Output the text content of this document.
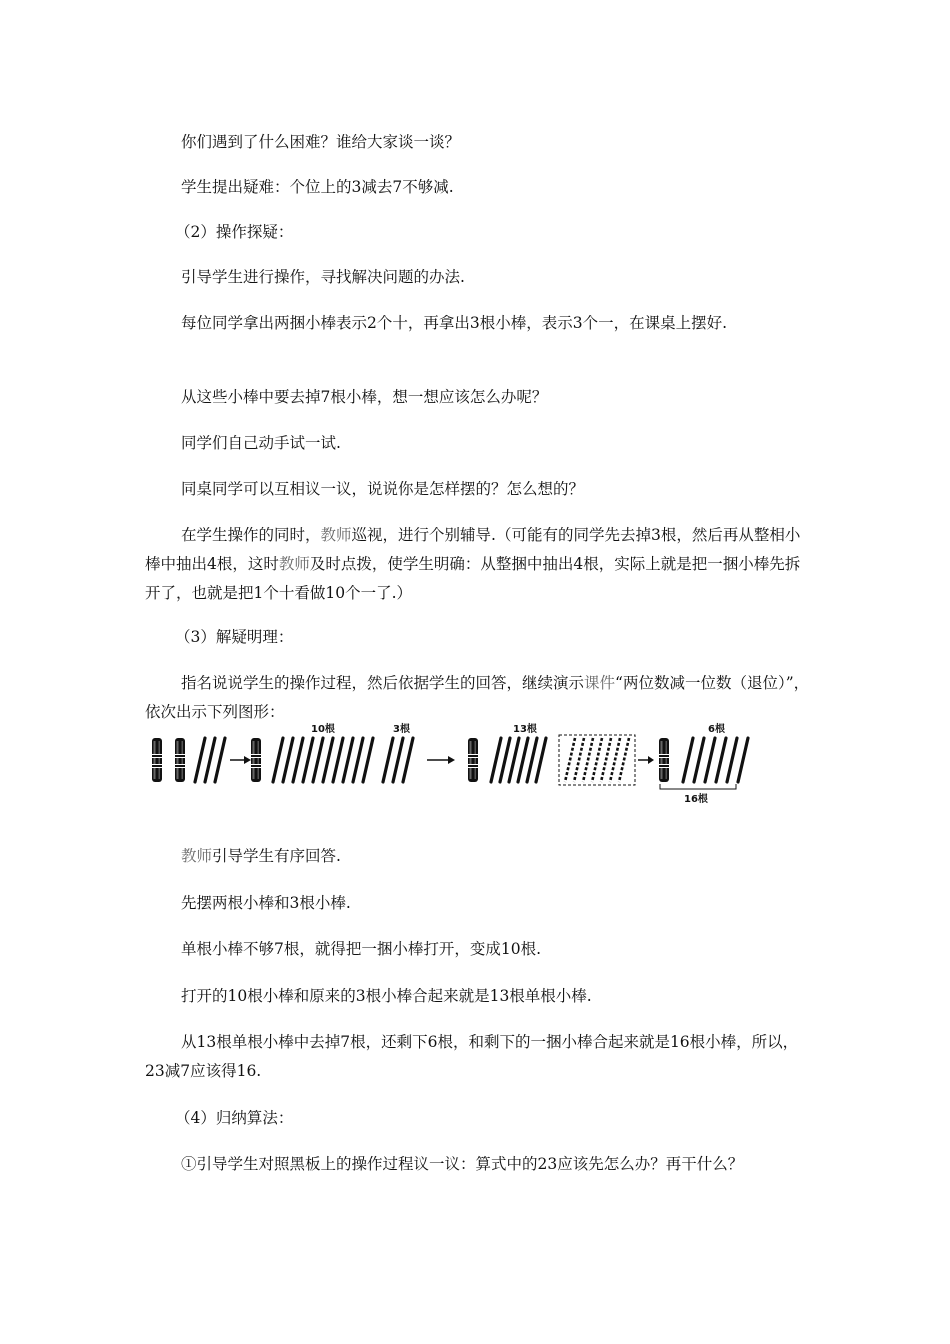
你们遇到了什么困难？谁给大家谈一谈？

学生提出疑难：个位上的3减去7不够减.

（2）操作探疑：

引导学生进行操作，寻找解决问题的办法.

每位同学拿出两捆小棒表示2个十，再拿出3根小棒，表示3个一，在课桌上摆好.

从这些小棒中要去掉7根小棒，想一想应该怎么办呢？

同学们自己动手试一试.

同桌同学可以互相议一议，说说你是怎样摆的？怎么想的？

在学生操作的同时，教师巡视，进行个别辅导.（可能有的同学先去掉3根，然后再从整相小棒中抽出4根，这时教师及时点拨，使学生明确：从整捆中抽出4根，实际上就是把一捆小棒先拆开了，也就是把1个十看做10个一了.）

（3）解疑明理：

指名说说学生的操作过程，然后依据学生的回答，继续演示课件“两位数减一位数（退位）”，依次出示下列图形：

10根	3根	13根	6根
16根

教师引导学生有序回答.

先摆两根小棒和3根小棒.

单根小棒不够7根，就得把一捆小棒打开，变成10根.

打开的10根小棒和原来的3根小棒合起来就是13根单根小棒.

从13根单根小棒中去掉7根，还剩下6根，和剩下的一捆小棒合起来就是16根小棒，所以，23减7应该得16.

（4）归纳算法：

①引导学生对照黑板上的操作过程议一议：算式中的23应该先怎么办？再干什么？
